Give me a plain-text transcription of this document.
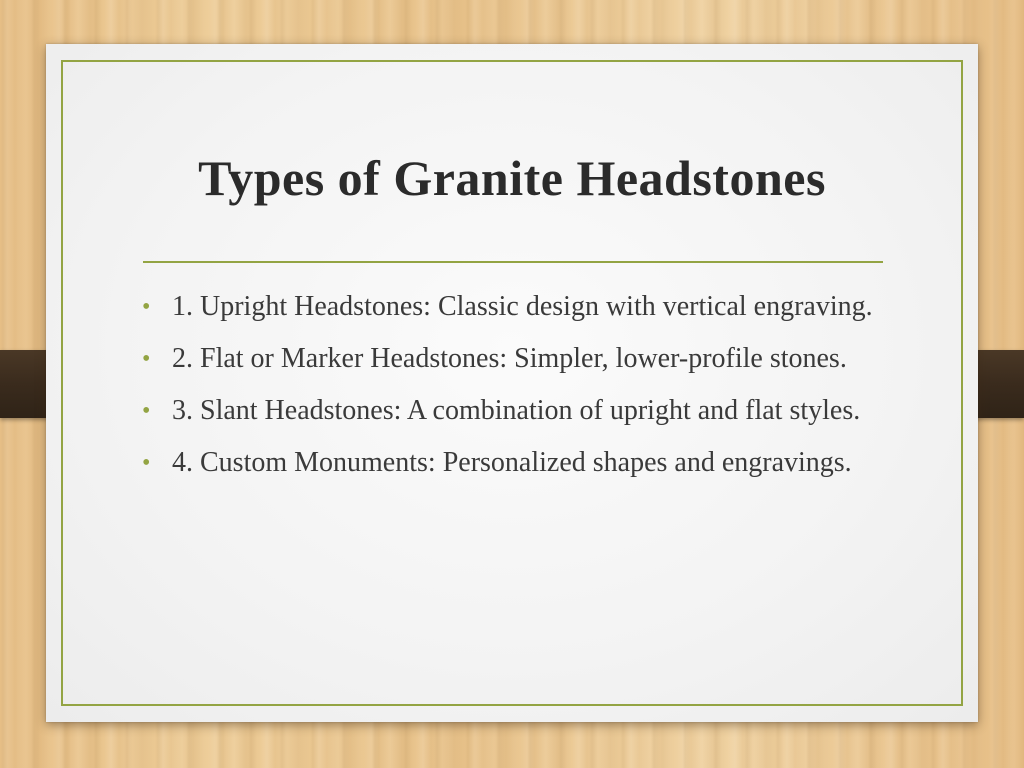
Types of Granite Headstones
• 1. Upright Headstones: Classic design with vertical engraving.
• 2. Flat or Marker Headstones: Simpler, lower-profile stones.
• 3. Slant Headstones: A combination of upright and flat styles.
• 4. Custom Monuments: Personalized shapes and engravings.
